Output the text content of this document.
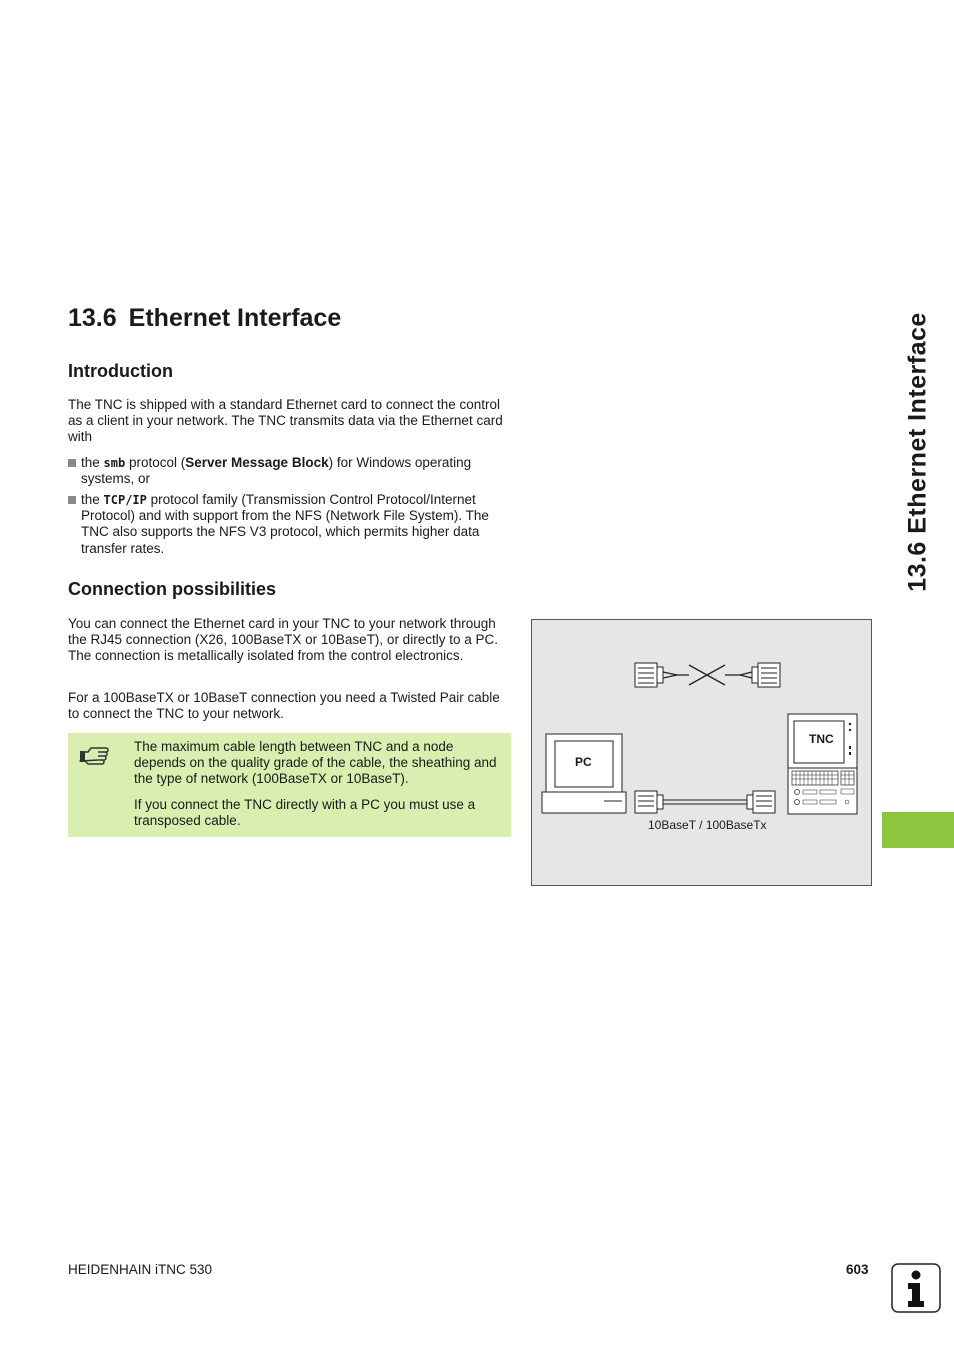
13.6 Ethernet Interface
Introduction

The TNC is shipped with a standard Ethernet card to connect the control as a client in your network. The TNC transmits data via the Ethernet card with

the smb protocol (Server Message Block) for Windows operating systems, or
the TCP/IP protocol family (Transmission Control Protocol/Internet Protocol) and with support from the NFS (Network File System). The TNC also supports the NFS V3 protocol, which permits higher data transfer rates.
Connection possibilities

You can connect the Ethernet card in your TNC to your network through the RJ45 connection (X26, 100BaseTX or 10BaseT), or directly to a PC. The connection is metallically isolated from the control electronics.

For a 100BaseTX or 10BaseT connection you need a Twisted Pair cable to connect the TNC to your network.

The maximum cable length between TNC and a node depends on the quality grade of the cable, the sheathing and the type of network (100BaseTX or 10BaseT).

If you connect the TNC directly with a PC you must use a transposed cable.

PC
TNC
10BaseT / 100BaseTx
13.6 Ethernet Interface
HEIDENHAIN iTNC 530	603
